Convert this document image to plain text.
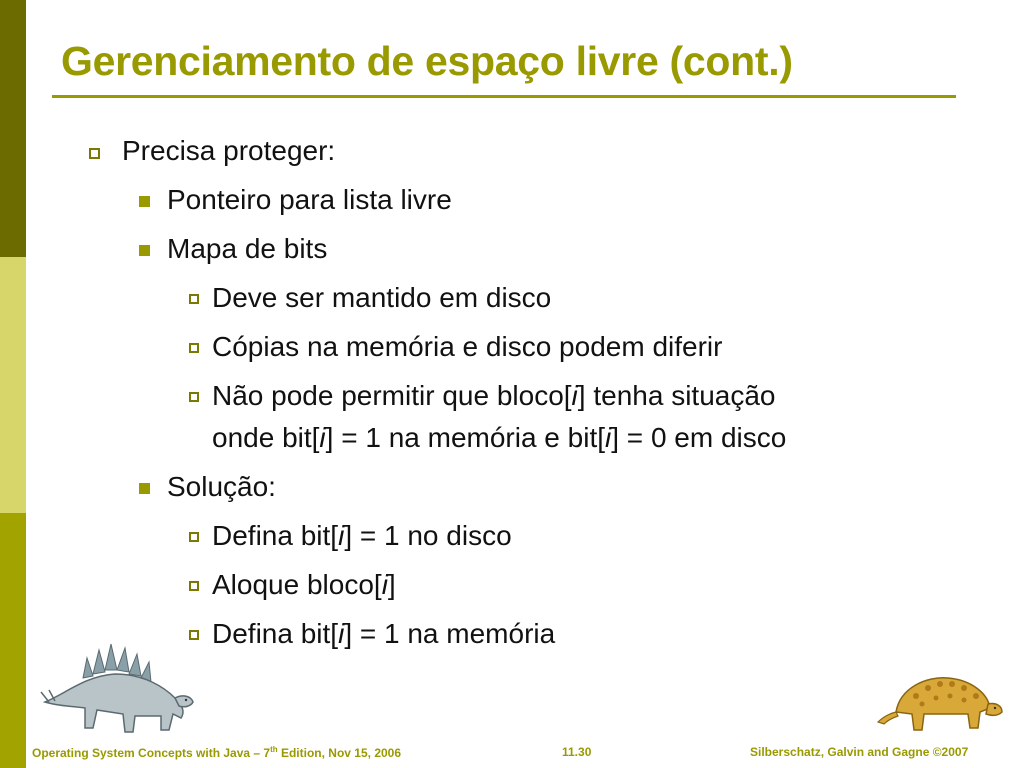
Gerenciamento de espaço livre (cont.)
Precisa proteger:
Ponteiro para lista livre
Mapa de bits
Deve ser mantido em disco
Cópias na memória e disco podem diferir
Não pode permitir que bloco[i] tenha situação
onde bit[i] = 1 na memória e bit[i] = 0 em disco
Solução:
Defina bit[i] = 1 no disco
Aloque bloco[i]
Defina bit[i] = 1 na memória
Operating System Concepts with Java – 7th Edition, Nov 15, 2006	11.30	Silberschatz, Galvin and Gagne ©2007
